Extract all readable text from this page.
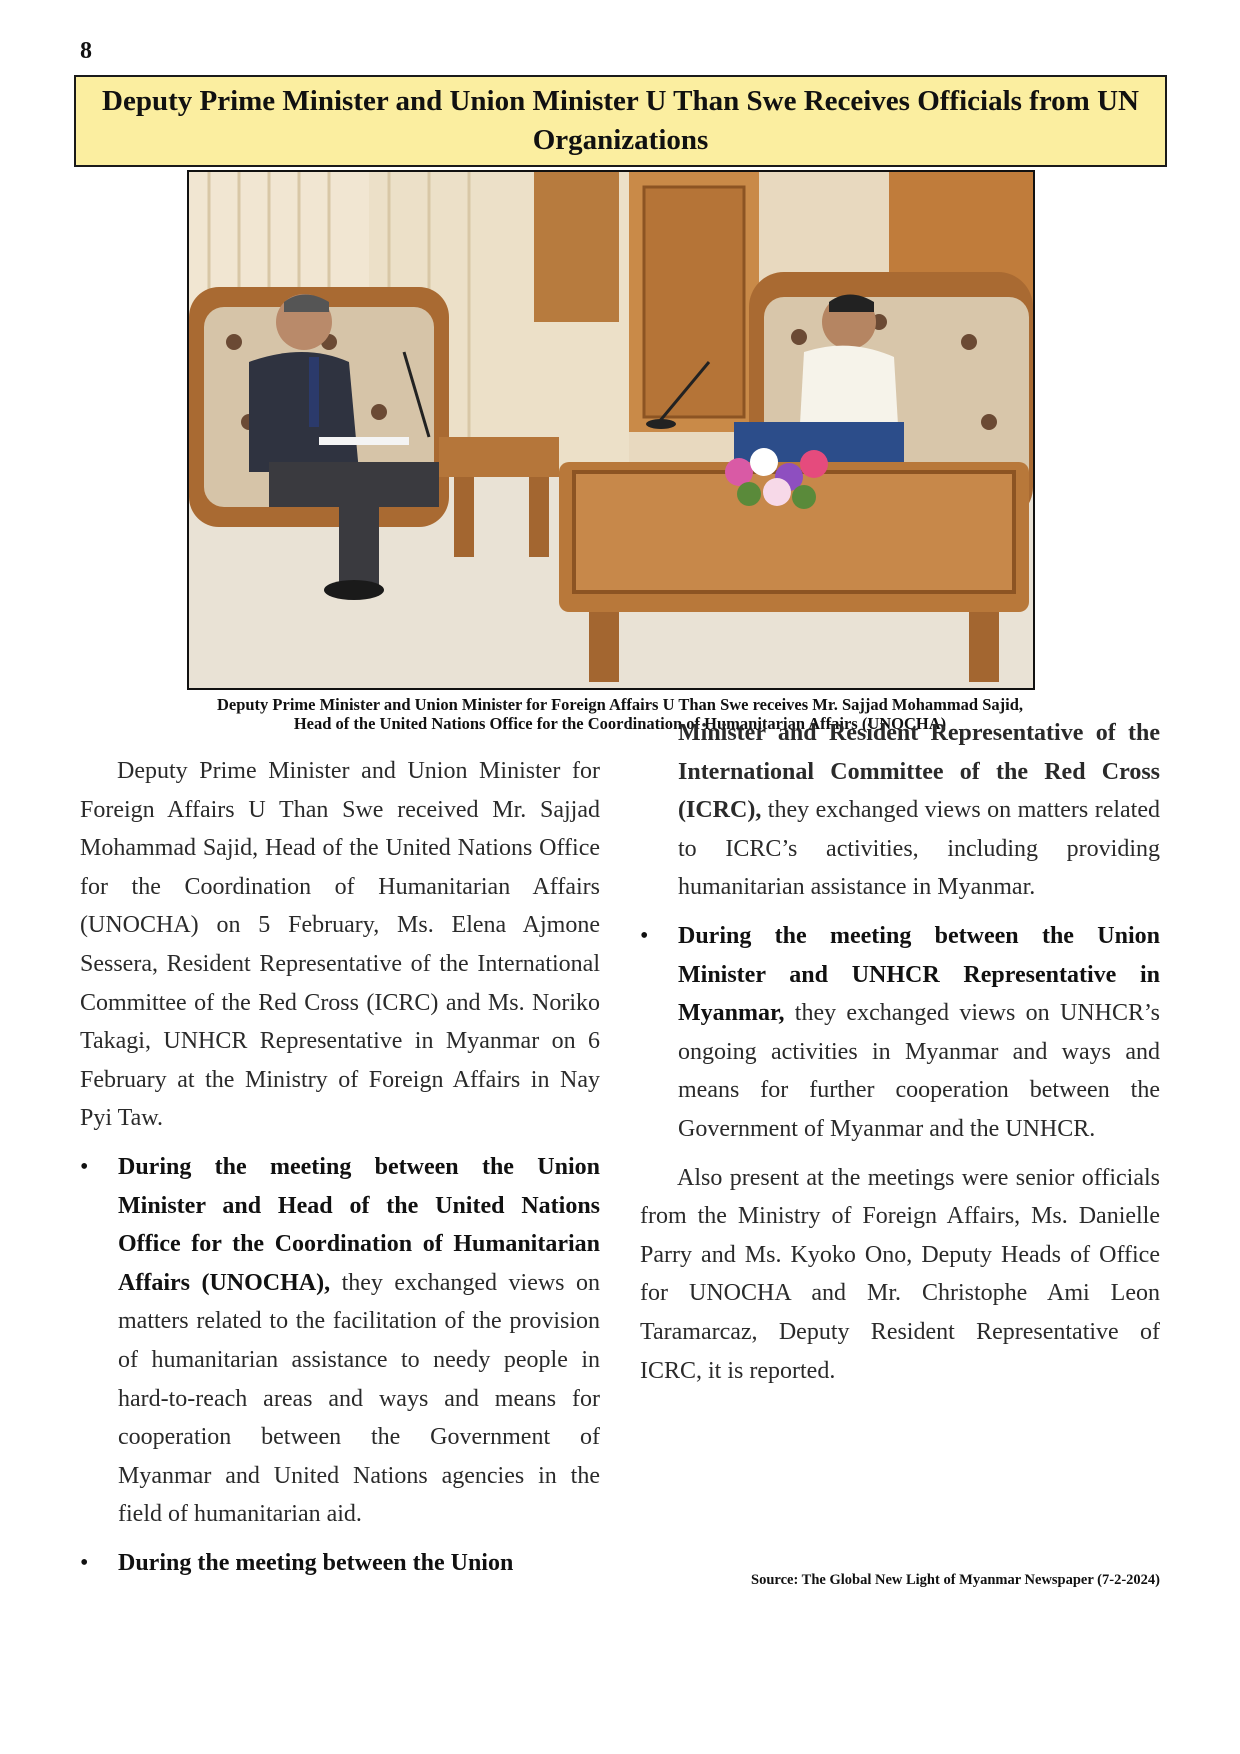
8
Deputy Prime Minister and Union Minister U Than Swe Receives Officials from UN Organizations
Deputy Prime Minister and Union Minister for Foreign Affairs U Than Swe receives Mr. Sajjad Mohammad Sajid,
Head of the United Nations Office for the Coordination of Humanitarian Affairs (UNOCHA)

Deputy Prime Minister and Union Minister for Foreign Affairs U Than Swe received Mr. Sajjad Mohammad Sajid, Head of the United Nations Office for the Coordination of Humanitarian Affairs (UNOCHA) on 5 February, Ms. Elena Ajmone Sessera, Resident Representative of the International Committee of the Red Cross (ICRC) and Ms. Noriko Takagi, UNHCR Representative in Myanmar on 6 February at the Ministry of Foreign Affairs in Nay Pyi Taw.

• During the meeting between the Union Minister and Head of the United Nations Office for the Coordination of Humanitarian Affairs (UNOCHA), they exchanged views on matters related to the facilitation of the provision of humanitarian assistance to needy people in hard-to-reach areas and ways and means for cooperation between the Government of Myanmar and United Nations agencies in the field of humanitarian aid.
• During the meeting between the Union
Minister and Resident Representative of the International Committee of the Red Cross (ICRC), they exchanged views on matters related to ICRC’s activities, including providing humanitarian assistance in Myanmar.
• During the meeting between the Union Minister and UNHCR Representative in Myanmar, they exchanged views on UNHCR’s ongoing activities in Myanmar and ways and means for further cooperation between the Government of Myanmar and the UNHCR.

Also present at the meetings were senior officials from the Ministry of Foreign Affairs, Ms. Danielle Parry and Ms. Kyoko Ono, Deputy Heads of Office for UNOCHA and Mr. Christophe Ami Leon Taramarcaz, Deputy Resident Representative of ICRC, it is reported.

Source: The Global New Light of Myanmar Newspaper (7-2-2024)
